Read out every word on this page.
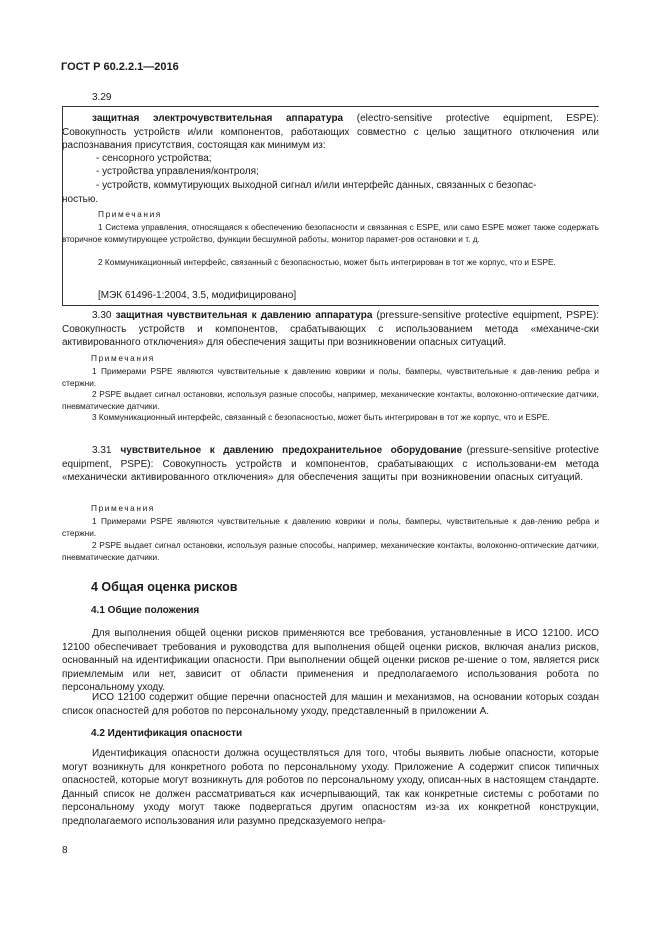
ГОСТ Р 60.2.2.1—2016
3.29

защитная электрочувствительная аппаратура (electro-sensitive protective equipment, ESPE): Совокупность устройств и/или компонентов, работающих совместно с целью защитного отключения или распознавания присутствия, состоящая как минимум из:

- сенсорного устройства;
- устройства управления/контроля;
- устройств, коммутирующих выходной сигнал и/или интерфейс данных, связанных с безопас-
ностью.
Примечания

1 Система управления, относящаяся к обеспечению безопасности и связанная с ESPE, или само ESPE может также содержать вторичное коммутирующее устройство, функции бесшумной работы, монитор парамет-ров остановки и т. д.

2 Коммуникационный интерфейс, связанный с безопасностью, может быть интегрирован в тот же корпус, что и ESPE.

[МЭК 61496-1:2004, 3.5, модифицировано]

3.30 защитная чувствительная к давлению аппаратура (pressure-sensitive protective equipment, PSPE): Совокупность устройств и компонентов, срабатывающих с использованием метода «механиче-ски активированного отключения» для обеспечения защиты при возникновении опасных ситуаций.

Примечания

1 Примерами PSPE являются чувствительные к давлению коврики и полы, бамперы, чувствительные к дав-лению ребра и стержни.

2 PSPE выдает сигнал остановки, используя разные способы, например, механические контакты, волоконно-оптические датчики, пневматические датчики.

3 Коммуникационный интерфейс, связанный с безопасностью, может быть интегрирован в тот же корпус, что и ESPE.

3.31 чувствительное к давлению предохранительное оборудование (pressure-sensitive protective equipment, PSPE): Совокупность устройств и компонентов, срабатывающих с использовани-ем метода «механически активированного отключения» для обеспечения защиты при возникновении опасных ситуаций.

Примечания

1 Примерами PSPE являются чувствительные к давлению коврики и полы, бамперы, чувствительные к дав-лению ребра и стержни.

2 PSPE выдает сигнал остановки, используя разные способы, например, механические контакты, волоконно-оптические датчики, пневматические датчики.

4 Общая оценка рисков
4.1 Общие положения

Для выполнения общей оценки рисков применяются все требования, установленные в ИСО 12100. ИСО 12100 обеспечивает требования и руководства для выполнения общей оценки рисков, включая анализ рисков, основанный на идентификации опасности. При выполнении общей оценки рисков ре-шение о том, является риск приемлемым или нет, зависит от области применения и предполагаемого использования робота по персональному уходу.

ИСО 12100 содержит общие перечни опасностей для машин и механизмов, на основании которых создан список опасностей для роботов по персональному уходу, представленный в приложении А.

4.2 Идентификация опасности

Идентификация опасности должна осуществляться для того, чтобы выявить любые опасности, которые могут возникнуть для конкретного робота по персональному уходу. Приложение А содержит список типичных опасностей, которые могут возникнуть для роботов по персональному уходу, описан-ных в настоящем стандарте. Данный список не должен рассматриваться как исчерпывающий, так как конкретные системы с роботами по персональному уходу могут также подвергаться другим опасностям из-за их конкретной конструкции, предполагаемого использования или разумно предсказуемого непра-

8
